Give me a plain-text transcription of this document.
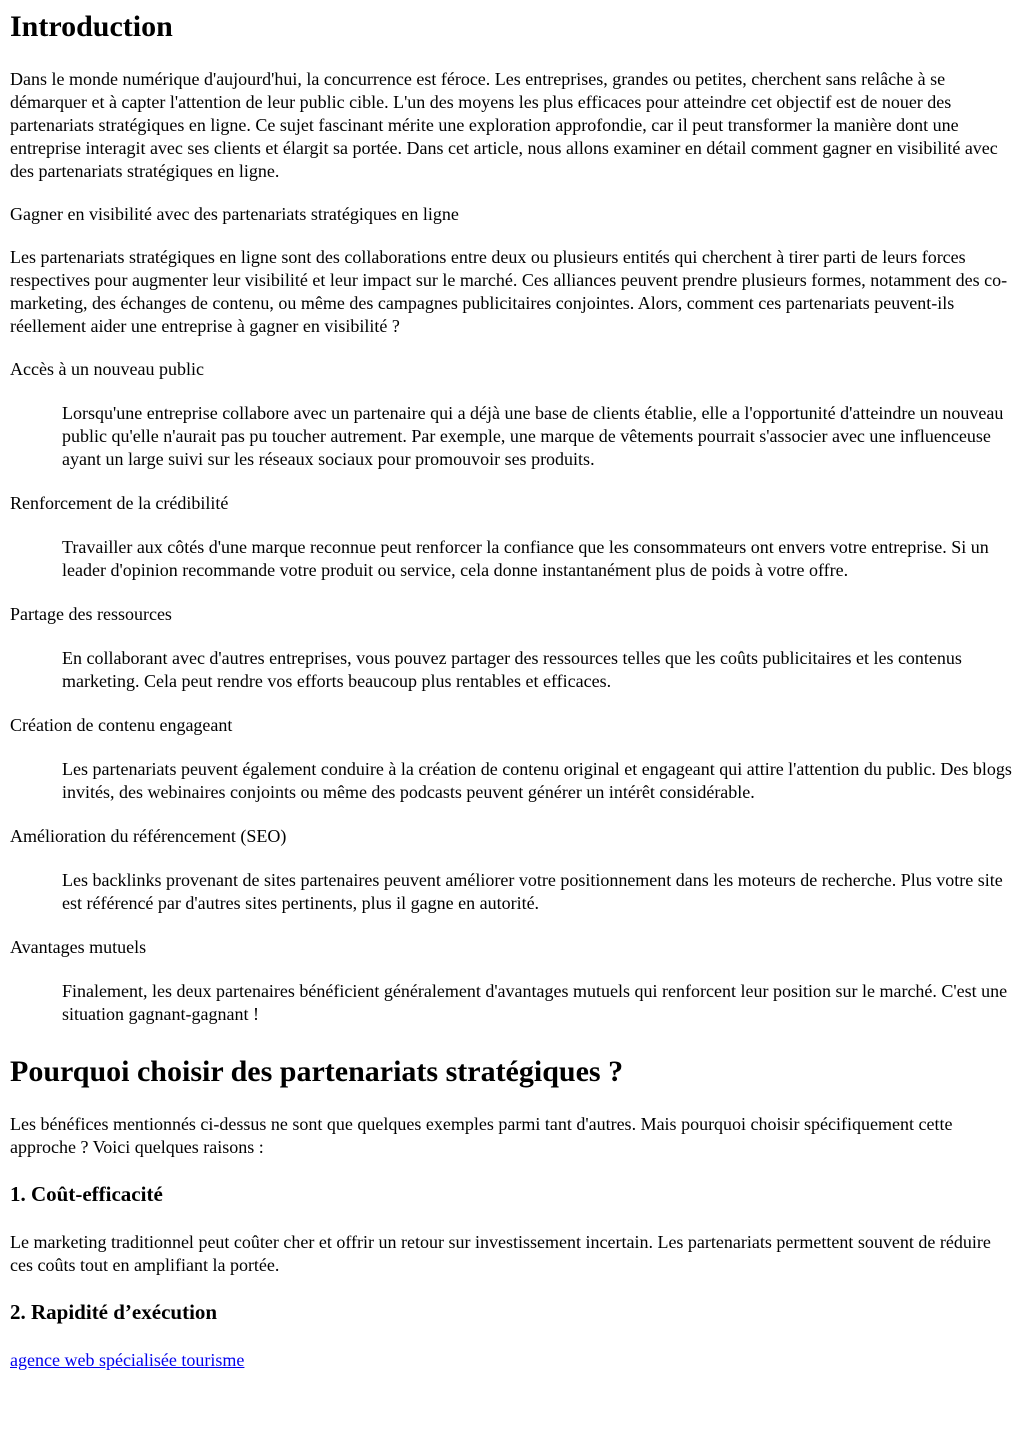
Introduction

Dans le monde numérique d'aujourd'hui, la concurrence est féroce. Les entreprises, grandes ou petites, cherchent sans relâche à se démarquer et à capter l'attention de leur public cible. L'un des moyens les plus efficaces pour atteindre cet objectif est de nouer des partenariats stratégiques en ligne. Ce sujet fascinant mérite une exploration approfondie, car il peut transformer la manière dont une entreprise interagit avec ses clients et élargit sa portée. Dans cet article, nous allons examiner en détail comment gagner en visibilité avec des partenariats stratégiques en ligne.

Gagner en visibilité avec des partenariats stratégiques en ligne

Les partenariats stratégiques en ligne sont des collaborations entre deux ou plusieurs entités qui cherchent à tirer parti de leurs forces respectives pour augmenter leur visibilité et leur impact sur le marché. Ces alliances peuvent prendre plusieurs formes, notamment des co-marketing, des échanges de contenu, ou même des campagnes publicitaires conjointes. Alors, comment ces partenariats peuvent-ils réellement aider une entreprise à gagner en visibilité ?

Accès à un nouveau public
Lorsqu'une entreprise collabore avec un partenaire qui a déjà une base de clients établie, elle a l'opportunité d'atteindre un nouveau public qu'elle n'aurait pas pu toucher autrement. Par exemple, une marque de vêtements pourrait s'associer avec une influenceuse ayant un large suivi sur les réseaux sociaux pour promouvoir ses produits.
Renforcement de la crédibilité
Travailler aux côtés d'une marque reconnue peut renforcer la confiance que les consommateurs ont envers votre entreprise. Si un leader d'opinion recommande votre produit ou service, cela donne instantanément plus de poids à votre offre.
Partage des ressources
En collaborant avec d'autres entreprises, vous pouvez partager des ressources telles que les coûts publicitaires et les contenus marketing. Cela peut rendre vos efforts beaucoup plus rentables et efficaces.
Création de contenu engageant
Les partenariats peuvent également conduire à la création de contenu original et engageant qui attire l'attention du public. Des blogs invités, des webinaires conjoints ou même des podcasts peuvent générer un intérêt considérable.
Amélioration du référencement (SEO)
Les backlinks provenant de sites partenaires peuvent améliorer votre positionnement dans les moteurs de recherche. Plus votre site est référencé par d'autres sites pertinents, plus il gagne en autorité.
Avantages mutuels
Finalement, les deux partenaires bénéficient généralement d'avantages mutuels qui renforcent leur position sur le marché. C'est une situation gagnant-gagnant !
Pourquoi choisir des partenariats stratégiques ?

Les bénéfices mentionnés ci-dessus ne sont que quelques exemples parmi tant d'autres. Mais pourquoi choisir spécifiquement cette approche ? Voici quelques raisons :

1. Coût-efficacité

Le marketing traditionnel peut coûter cher et offrir un retour sur investissement incertain. Les partenariats permettent souvent de réduire ces coûts tout en amplifiant la portée.

2. Rapidité d’exécution

agence web spécialisée tourisme
